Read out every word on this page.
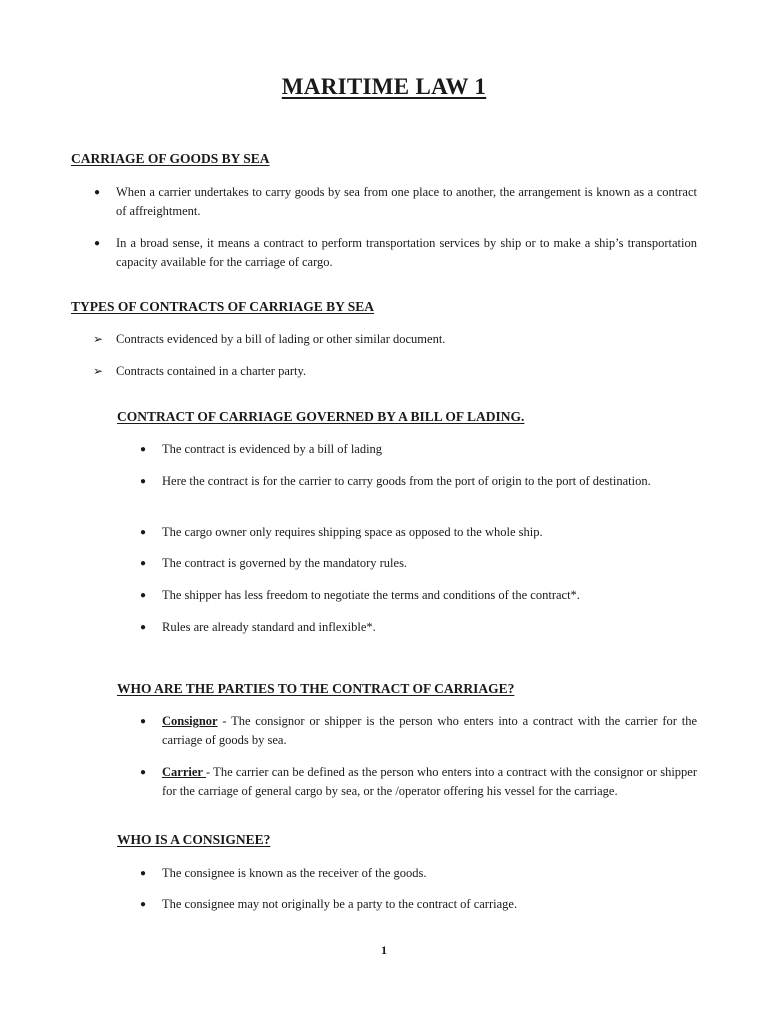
MARITIME LAW 1
CARRIAGE OF GOODS BY SEA
● When a carrier undertakes to carry goods by sea from one place to another, the arrangement is known as a contract of affreightment.
● In a broad sense, it means a contract to perform transportation services by ship or to make a ship’s transportation capacity available for the carriage of cargo.
TYPES OF CONTRACTS OF CARRIAGE BY SEA
➢ Contracts evidenced by a bill of lading or other similar document.
➢ Contracts contained in a charter party.
CONTRACT OF CARRIAGE GOVERNED BY A BILL OF LADING.
● The contract is evidenced by a bill of lading
● Here the contract is for the carrier to carry goods from the port of origin to the port of destination.
● The cargo owner only requires shipping space as opposed to the whole ship.
● The contract is governed by the mandatory rules.
● The shipper has less freedom to negotiate the terms and conditions of the contract*.
● Rules are already standard and inflexible*.
WHO ARE THE PARTIES TO THE CONTRACT OF CARRIAGE?
● Consignor - The consignor or shipper is the person who enters into a contract with the carrier for the carriage of goods by sea.
● Carrier - The carrier can be defined as the person who enters into a contract with the consignor or shipper for the carriage of general cargo by sea, or the /operator offering his vessel for the carriage.
WHO IS A CONSIGNEE?
● The consignee is known as the receiver of the goods.
● The consignee may not originally be a party to the contract of carriage.
1
